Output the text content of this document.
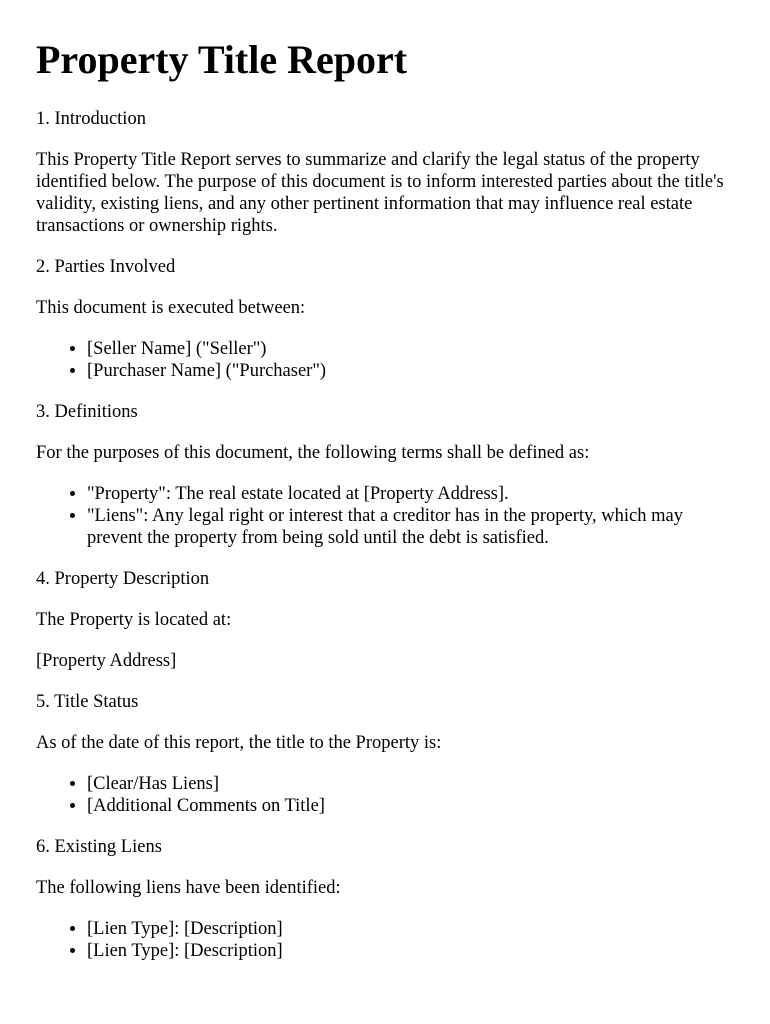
Property Title Report
1. Introduction

This Property Title Report serves to summarize and clarify the legal status of the property identified below. The purpose of this document is to inform interested parties about the title's validity, existing liens, and any other pertinent information that may influence real estate transactions or ownership rights.

2. Parties Involved

This document is executed between:

• [Seller Name] ("Seller")
• [Purchaser Name] ("Purchaser")
3. Definitions

For the purposes of this document, the following terms shall be defined as:

• "Property": The real estate located at [Property Address].
• "Liens": Any legal right or interest that a creditor has in the property, which may prevent the property from being sold until the debt is satisfied.
4. Property Description

The Property is located at:

[Property Address]

5. Title Status

As of the date of this report, the title to the Property is:

• [Clear/Has Liens]
• [Additional Comments on Title]
6. Existing Liens

The following liens have been identified:

• [Lien Type]: [Description]
• [Lien Type]: [Description]
